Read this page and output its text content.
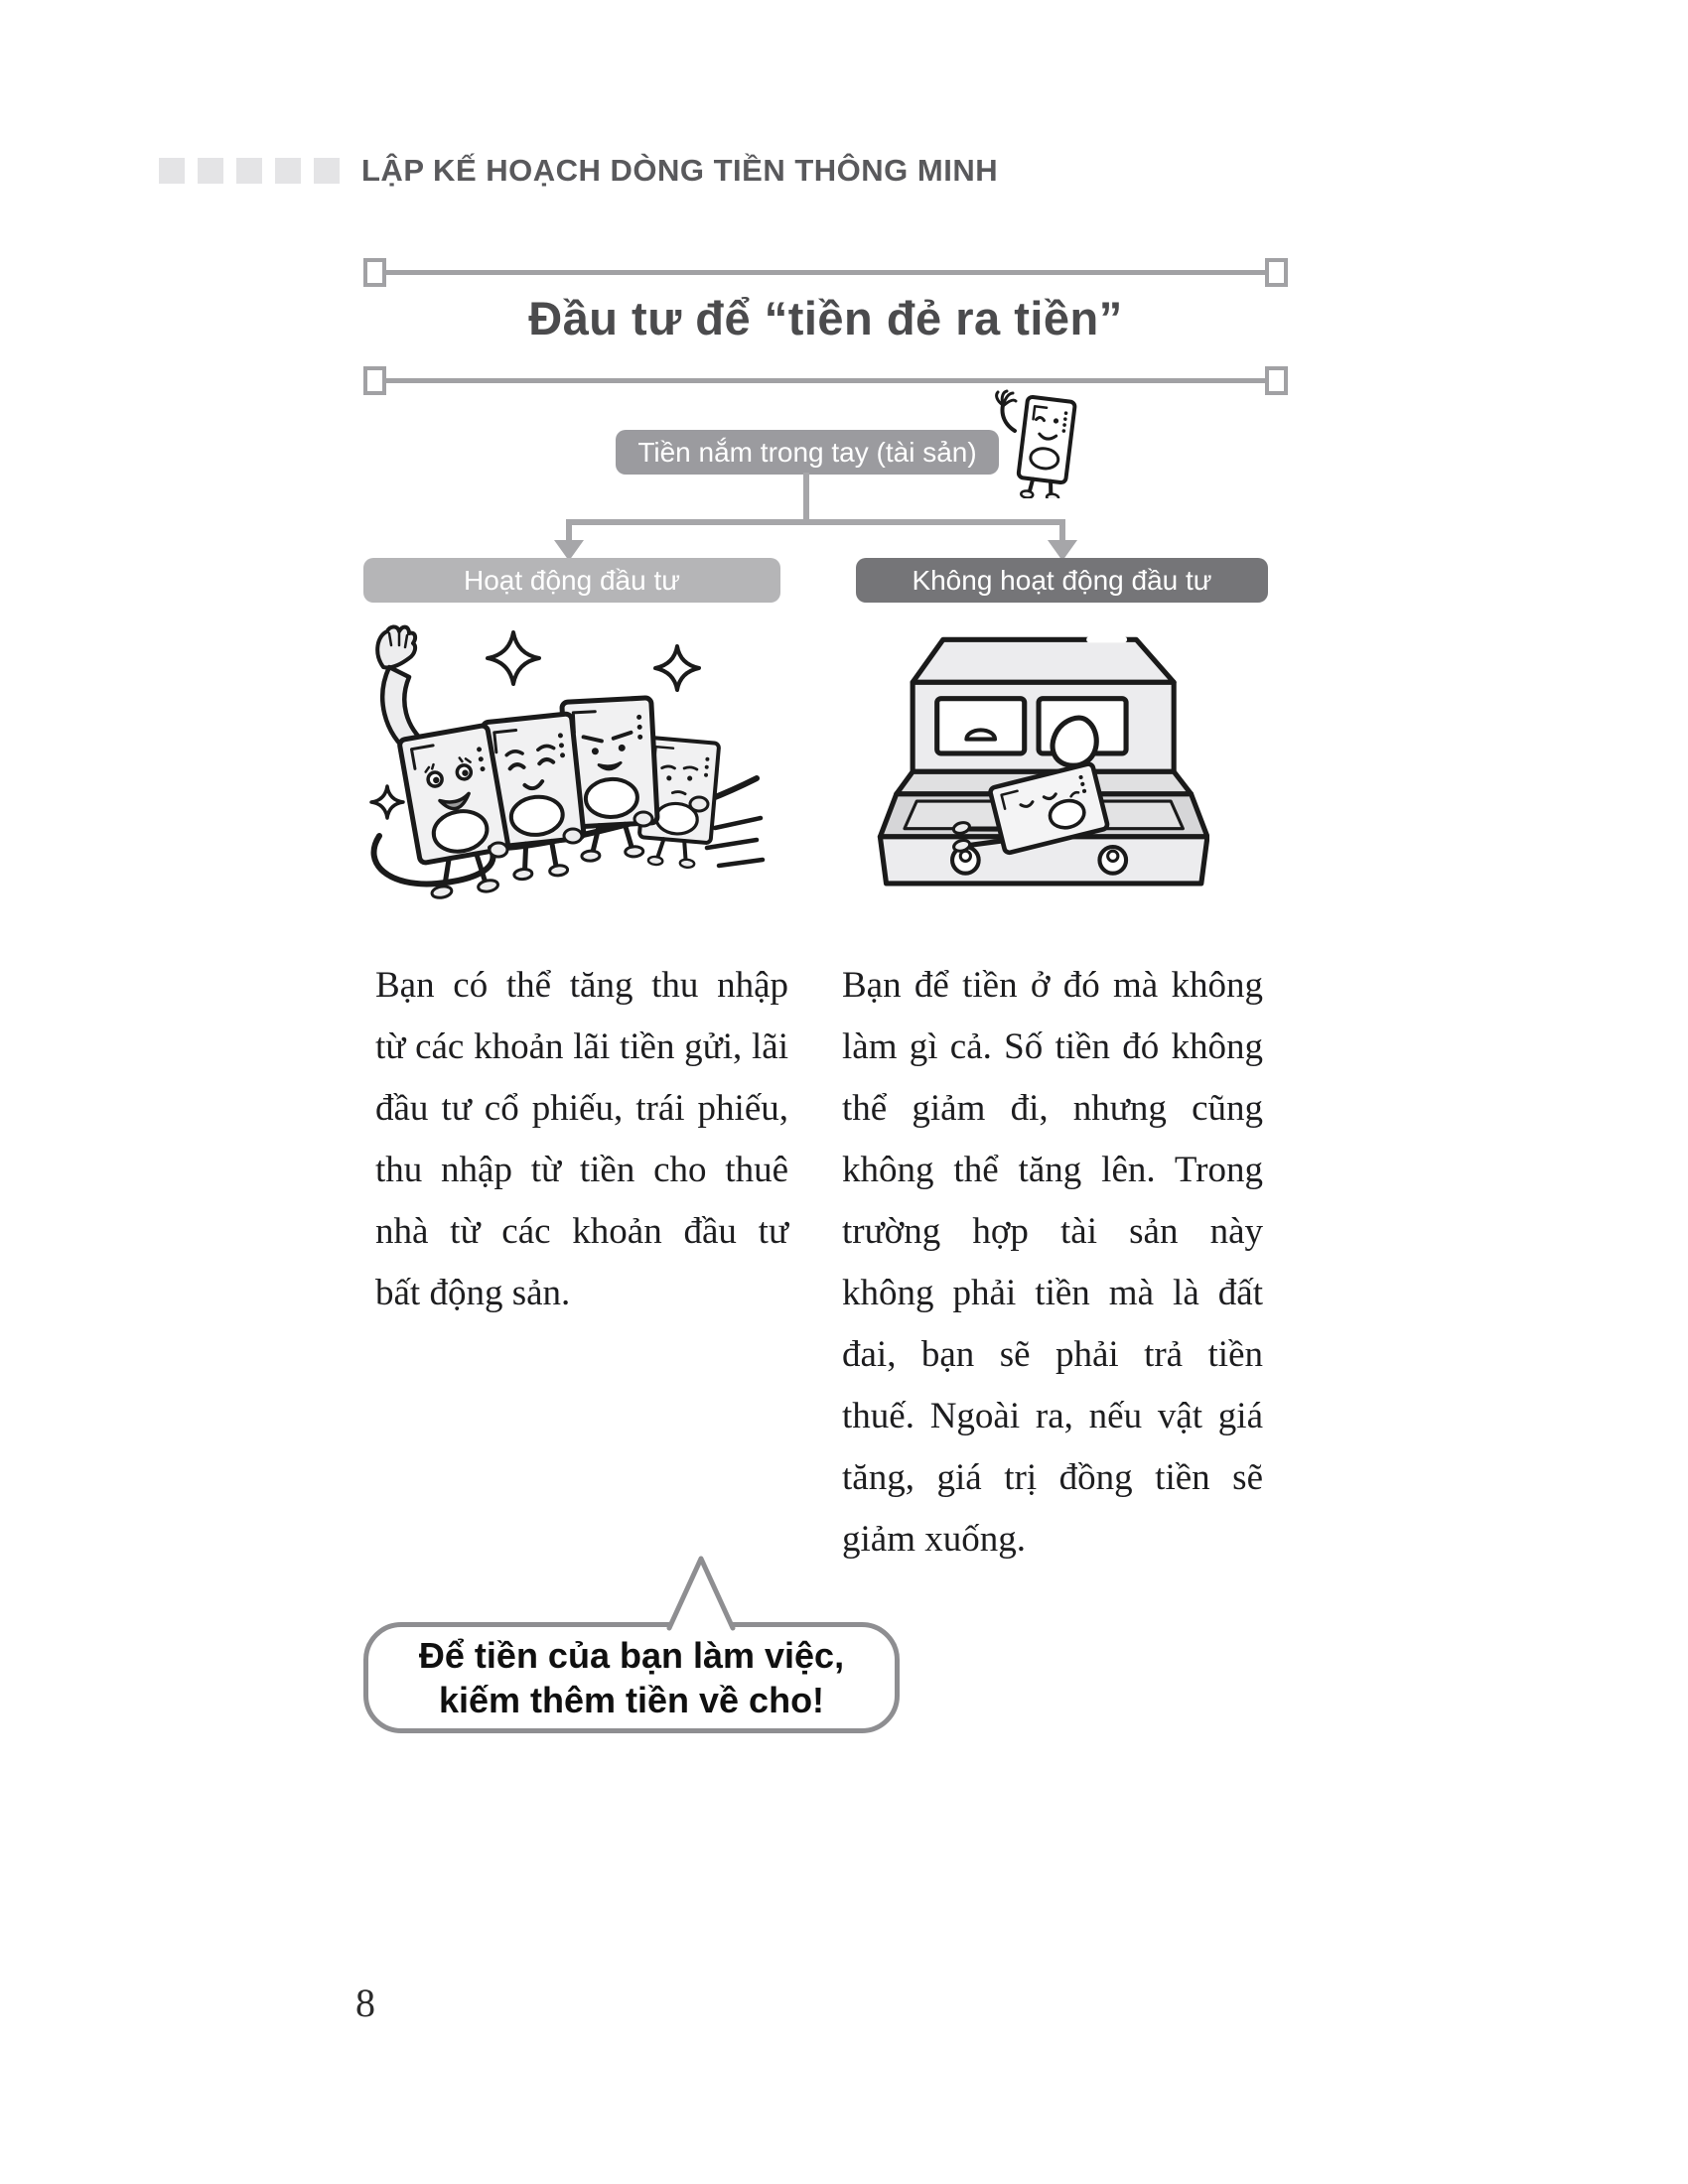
LẬP KẾ HOẠCH DÒNG TIỀN THÔNG MINH
Đầu tư để “tiền đẻ ra tiền”
Tiền nắm trong tay (tài sản)
Hoạt động đầu tư	Không hoạt động đầu tư
Bạn có thể tăng thu nhập
từ các khoản lãi tiền gửi, lãi
đầu tư cổ phiếu, trái phiếu,
thu nhập từ tiền cho thuê
nhà từ các khoản đầu tư
bất động sản.
Bạn để tiền ở đó mà không
làm gì cả. Số tiền đó không
thể giảm đi, nhưng cũng
không thể tăng lên. Trong
trường hợp tài sản này
không phải tiền mà là đất
đai, bạn sẽ phải trả tiền
thuế. Ngoài ra, nếu vật giá
tăng, giá trị đồng tiền sẽ
giảm xuống.
Để tiền của bạn làm việc,
kiếm thêm tiền về cho!
8
